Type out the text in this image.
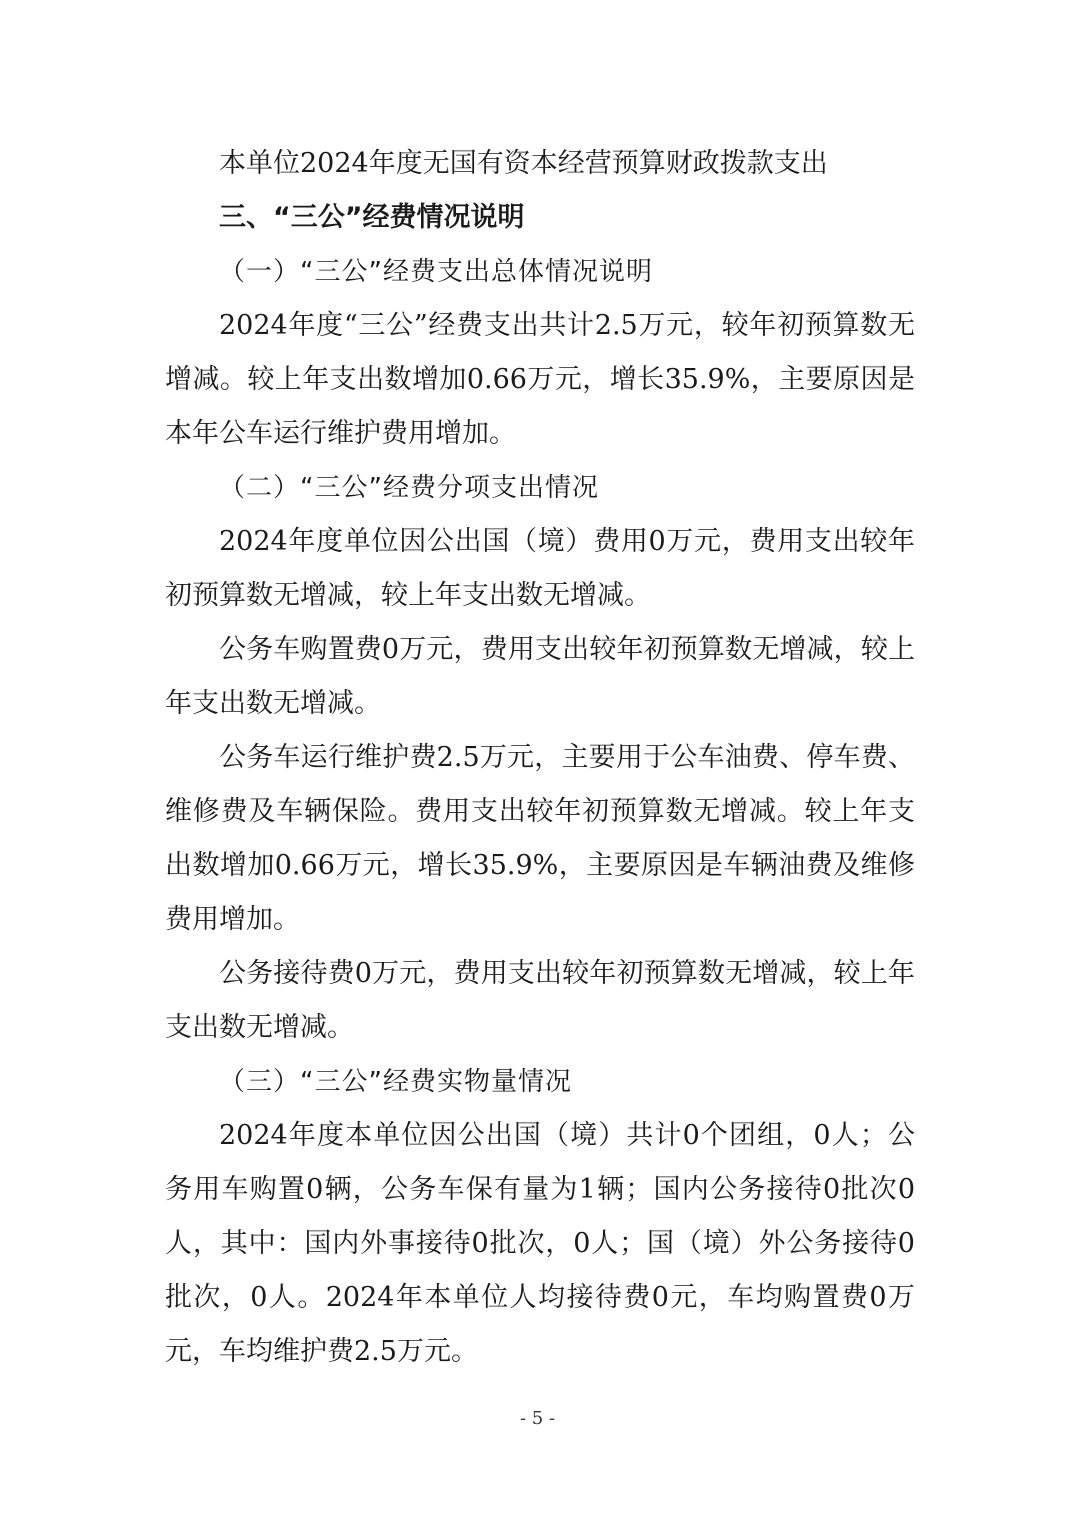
本单位2024年度无国有资本经营预算财政拨款支出

三、“三公”经费情况说明

（一）“三公”经费支出总体情况说明

2024年度“三公”经费支出共计2.5万元，较年初预算数无增减。较上年支出数增加0.66万元，增长35.9%，主要原因是本年公车运行维护费用增加。

（二）“三公”经费分项支出情况

2024年度单位因公出国（境）费用0万元，费用支出较年初预算数无增减，较上年支出数无增减。

公务车购置费0万元，费用支出较年初预算数无增减，较上年支出数无增减。

公务车运行维护费2.5万元，主要用于公车油费、停车费、维修费及车辆保险。费用支出较年初预算数无增减。较上年支出数增加0.66万元，增长35.9%，主要原因是车辆油费及维修费用增加。

公务接待费0万元，费用支出较年初预算数无增减，较上年支出数无增减。

（三）“三公”经费实物量情况

2024年度本单位因公出国（境）共计0个团组，0人；公务用车购置0辆，公务车保有量为1辆；国内公务接待0批次0人，其中：国内外事接待0批次，0人；国（境）外公务接待0批次，0人。2024年本单位人均接待费0元，车均购置费0万元，车均维护费2.5万元。

- 5 -
